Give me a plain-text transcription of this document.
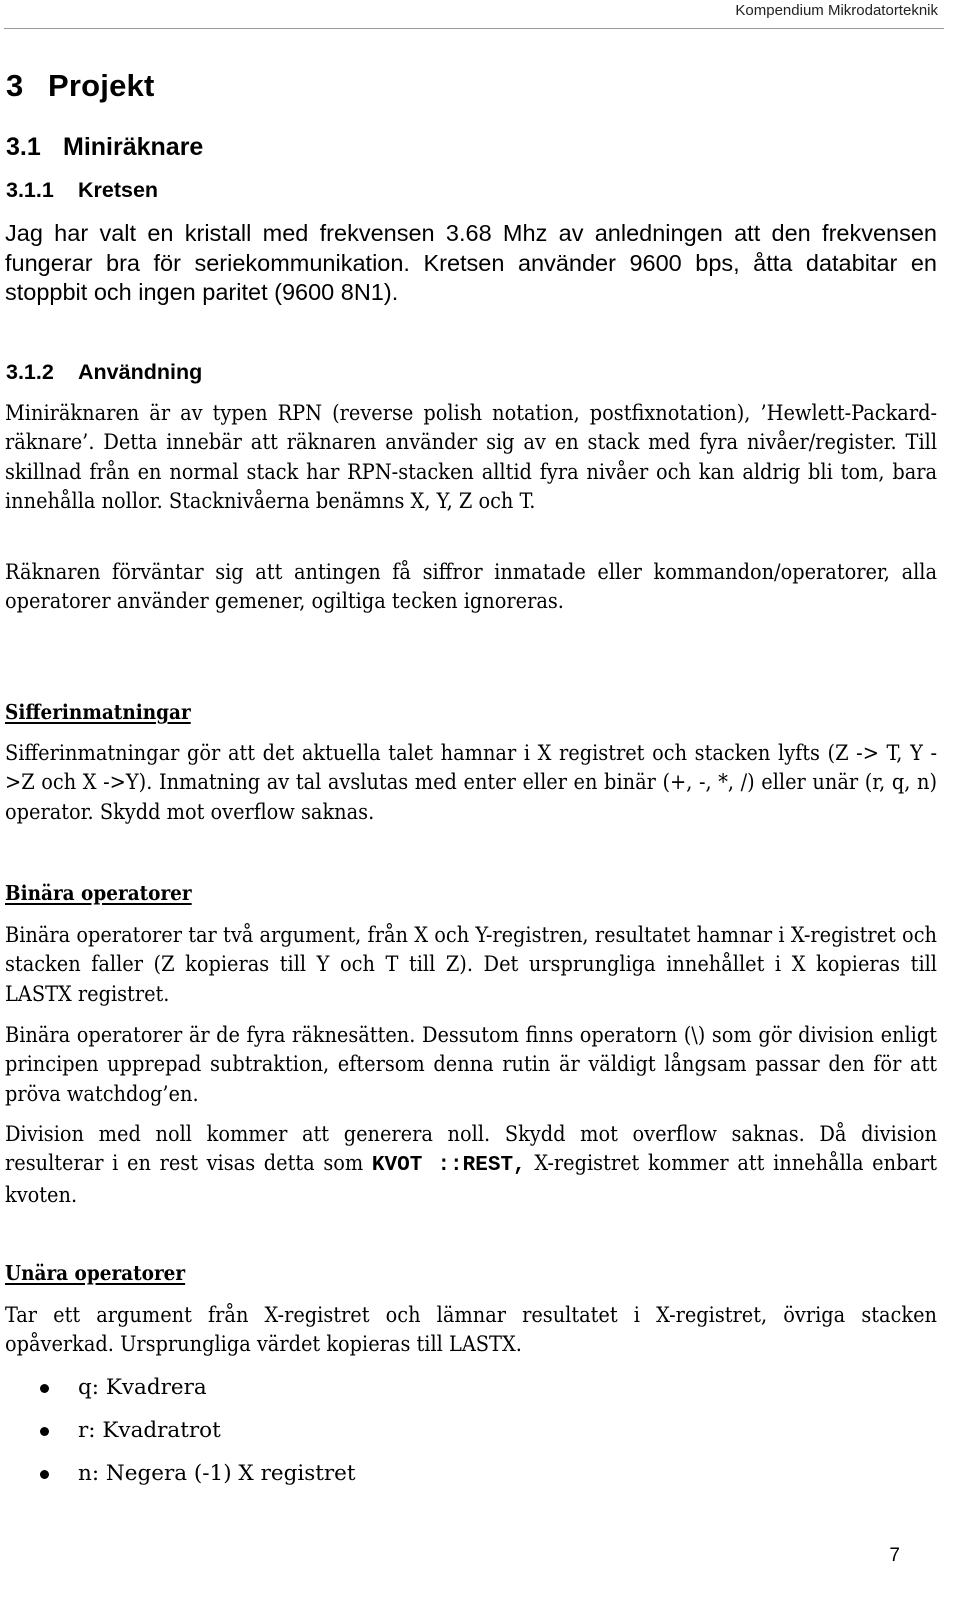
Kompendium Mikrodatorteknik
3 Projekt
3.1 Miniräknare
3.1.1 Kretsen

Jag har valt en kristall med frekvensen 3.68 Mhz av anledningen att den frekvensen fungerar bra för seriekommunikation. Kretsen använder 9600 bps, åtta databitar en stoppbit och ingen paritet (9600 8N1).

3.1.2 Användning

Miniräknaren är av typen RPN (reverse polish notation, postfixnotation), ’Hewlett-Packard-räknare’. Detta innebär att räknaren använder sig av en stack med fyra nivåer/register. Till skillnad från en normal stack har RPN-stacken alltid fyra nivåer och kan aldrig bli tom, bara innehålla nollor. Stacknivåerna benämns X, Y, Z och T.

Räknaren förväntar sig att antingen få siffror inmatade eller kommandon/operatorer, alla operatorer använder gemener, ogiltiga tecken ignoreras.

Sifferinmatningar

Sifferinmatningar gör att det aktuella talet hamnar i X registret och stacken lyfts (Z -> T, Y ->Z och X ->Y). Inmatning av tal avslutas med enter eller en binär (+, -, *, /) eller unär (r, q, n) operator. Skydd mot overflow saknas.

Binära operatorer

Binära operatorer tar två argument, från X och Y-registren, resultatet hamnar i X-registret och stacken faller (Z kopieras till Y och T till Z). Det ursprungliga innehållet i X kopieras till LASTX registret.

Binära operatorer är de fyra räknesätten. Dessutom finns operatorn (\) som gör division enligt principen upprepad subtraktion, eftersom denna rutin är väldigt långsam passar den för att pröva watchdog’en.

Division med noll kommer att generera noll. Skydd mot overflow saknas. Då division resulterar i en rest visas detta som KVOT ::REST, X-registret kommer att innehålla enbart kvoten.

Unära operatorer

Tar ett argument från X-registret och lämnar resultatet i X-registret, övriga stacken opåverkad. Ursprungliga värdet kopieras till LASTX.

q: Kvadrera
r: Kvadratrot
n: Negera (-1) X registret
7
